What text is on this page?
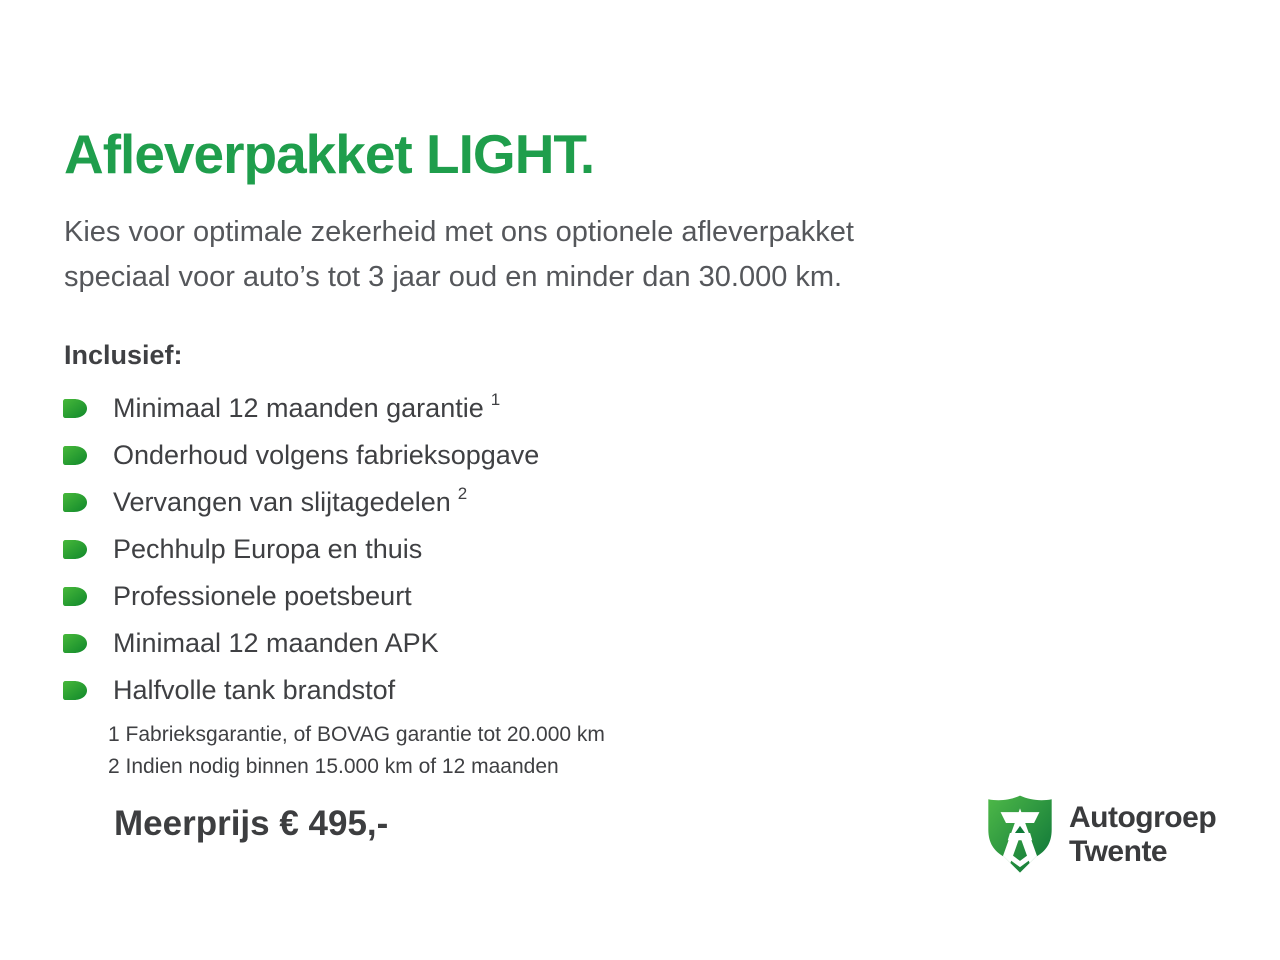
Afleverpakket LIGHT.
Kies voor optimale zekerheid met ons optionele afleverpakket
speciaal voor auto’s tot 3 jaar oud en minder dan 30.000 km.
Inclusief:
Minimaal 12 maanden garantie $^1$
Onderhoud volgens fabrieksopgave
Vervangen van slijtagedelen $^2$
Pechhulp Europa en thuis
Professionele poetsbeurt
Minimaal 12 maanden APK
Halfvolle tank brandstof
1 Fabrieksgarantie, of BOVAG garantie tot 20.000 km
2 Indien nodig binnen 15.000 km of 12 maanden
Meerprijs € 495,-	Autogroep
Twente
